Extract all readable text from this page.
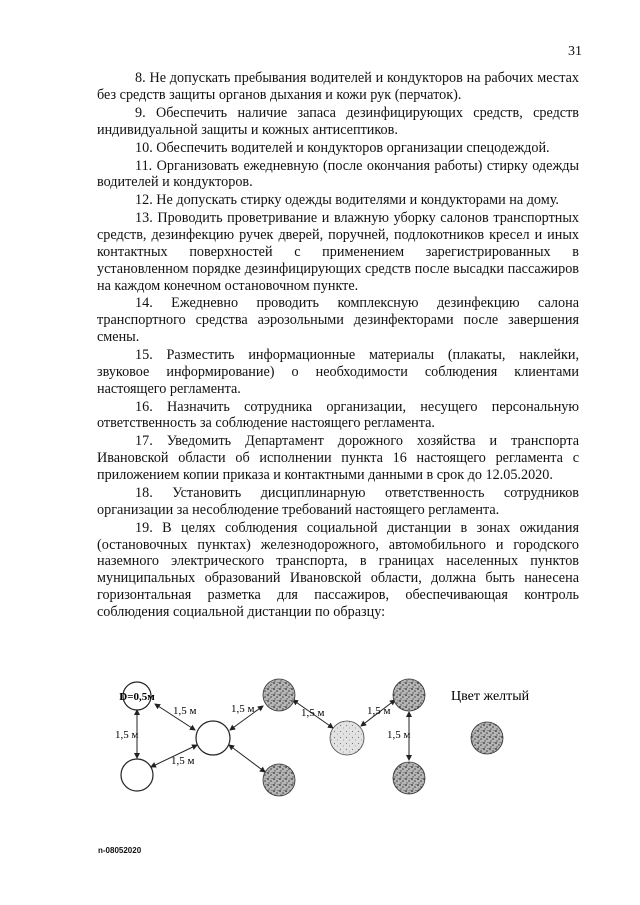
31

8. Не допускать пребывания водителей и кондукторов на рабочих местах без средств защиты органов дыхания и кожи рук (перчаток).

9. Обеспечить наличие запаса дезинфицирующих средств, средств индивидуальной защиты и кожных антисептиков.

10. Обеспечить водителей и кондукторов организации спецодеждой.

11. Организовать ежедневную (после окончания работы) стирку одежды водителей и кондукторов.

12. Не допускать стирку одежды водителями и кондукторами на дому.

13. Проводить проветривание и влажную уборку салонов транспортных средств, дезинфекцию ручек дверей, поручней, подлокотников кресел и иных контактных поверхностей с применением зарегистрированных в установленном порядке дезинфицирующих средств после высадки пассажиров на каждом конечном остановочном пункте.

14. Ежедневно проводить комплексную дезинфекцию салона транспортного средства аэрозольными дезинфекторами после завершения смены.

15. Разместить информационные материалы (плакаты, наклейки, звуковое информирование) о необходимости соблюдения клиентами настоящего регламента.

16. Назначить сотрудника организации, несущего персональную ответственность за соблюдение настоящего регламента.

17. Уведомить Департамент дорожного хозяйства и транспорта Ивановской области об исполнении пункта 16 настоящего регламента с приложением копии приказа и контактными данными в срок до 12.05.2020.

18. Установить дисциплинарную ответственность сотрудников организации за несоблюдение требований настоящего регламента.

19. В целях соблюдения социальной дистанции в зонах ожидания (остановочных пунктах) железнодорожного, автомобильного и городского наземного электрического транспорта, в границах населенных пунктов муниципальных образований Ивановской области, должна быть нанесена горизонтальная разметка для пассажиров, обеспечивающая контроль соблюдения социальной дистанции по образцу:

D=0,5м
1,5 м	1,5 м
1,5 м
1,5 м
1,5 м	1,5 м
1,5 м
Цвет желтый
n-08052020
